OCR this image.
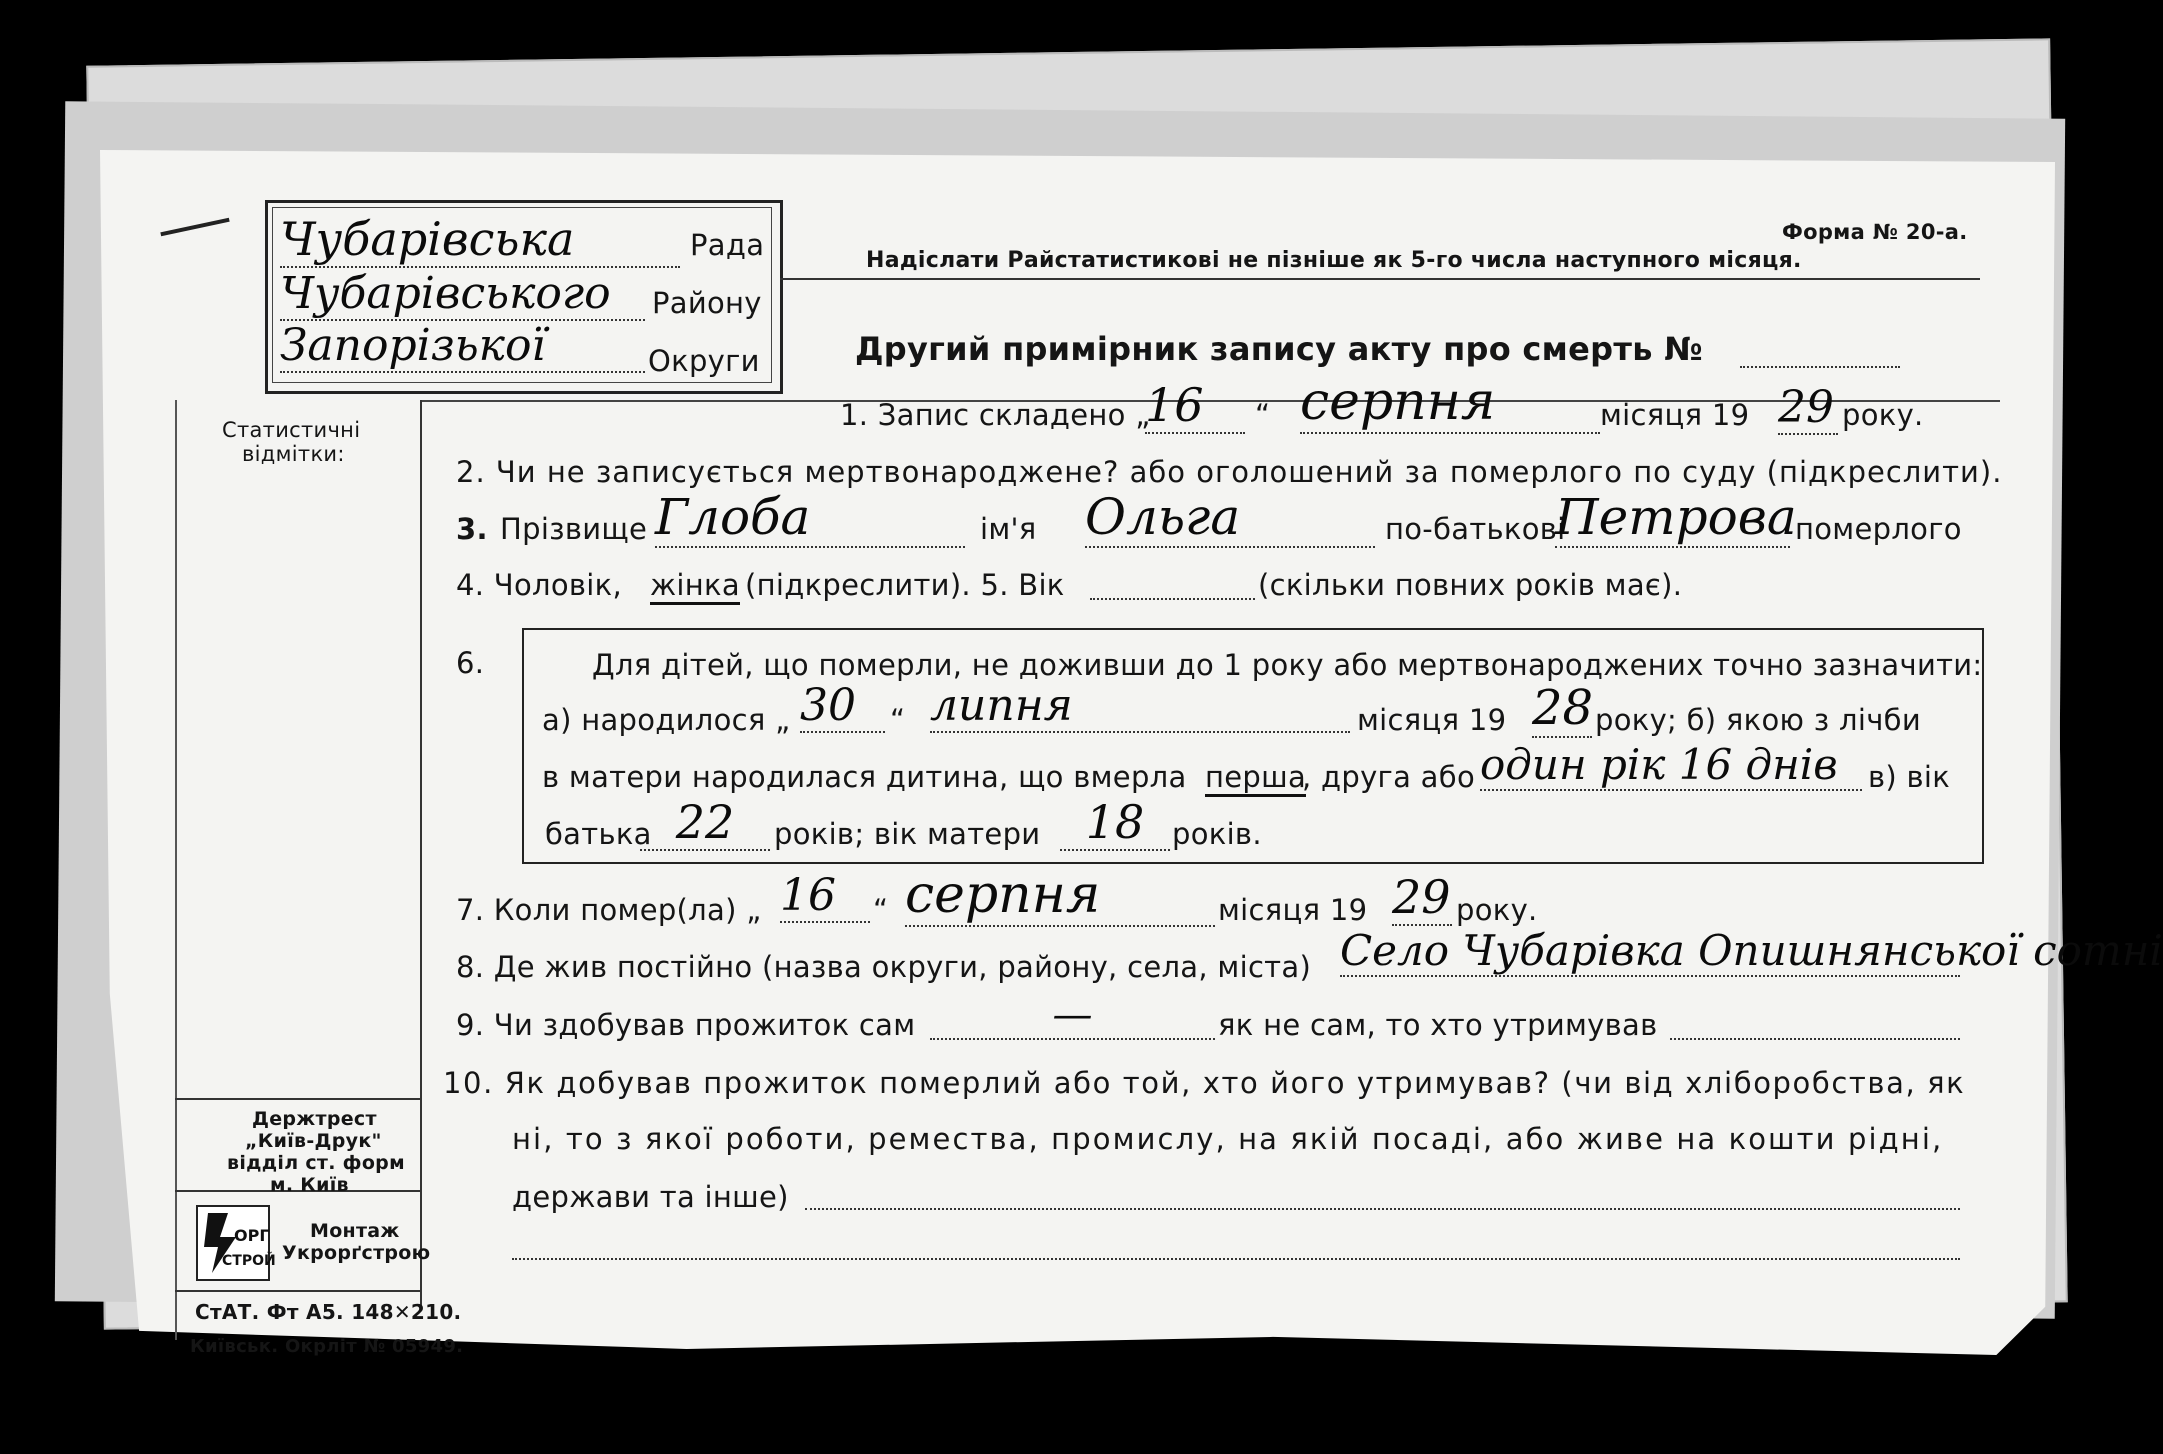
Чубарівська	Рада
Чубарівського	Району
Запорізької	Округи
Форма № 20-а.
Надіслати Райстатистикові не пізніше як 5-го числа наступного місяця.
Другий примірник запису акту про смерть №
Статистичні
відмітки:
Держтрест
„Київ-Друк"
відділ ст. форм
м. Київ
ОРГ
СТРОЙ
Монтаж
Укрорґстрою
СтАТ. Фт А5. 148✕210.
Київськ. Окрліт № 05949.
1. Запис складено „
16	“ серпня	місяця 19 29 року.
2. Чи не записується мертвонароджене? або оголошений за померлого по суду (підкреслити).
3. Прізвище Глоба	ім'я Ольга	по-батькові
Петрова
померлого
4. Чоловік, жінка (підкреслити). 5. Вік	(скільки повних років має).
6.	Для дітей, що померли, не доживши до 1 року або мертвонароджених точно зазначити:
а) народилося „ 30	“ липня	місяця 19 28 року; б) якою з лічби
в матери народилася дитина, що вмерла перша
, друга або один рік 16 днів	в) вік
батька 22	років; вік матери 18 років.
7. Коли помер(ла) „ 16	“ серпня	місяця 19 29 року.
8. Де жив постійно (назва округи, району, села, міста) Село Чубарівка Опишнянської сотні
9. Чи здобував прожиток сам	—	як не сам, то хто утримував
10. Як добував прожиток померлий або той, хто його утримував? (чи від хліборобства, як
ні, то з якої роботи, ремества, промислу, на якій посаді, або живе на кошти рідні,
держави та інше)
